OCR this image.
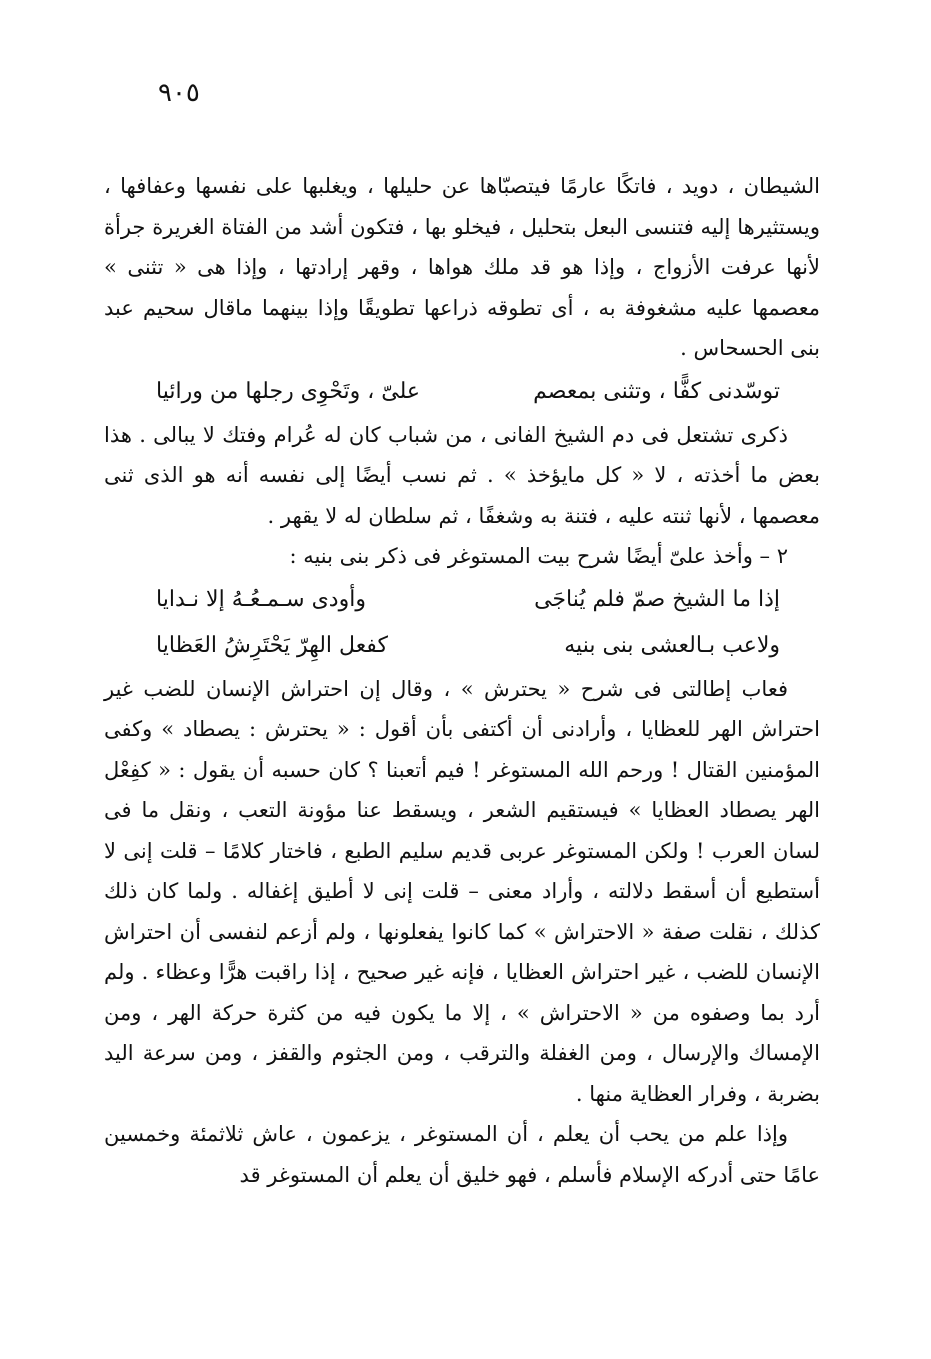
٩٠٥

الشيطان ، دويد ، فاتكًا عارمًا فيتصبّاها عن حليلها ، ويغلبها على نفسها وعفافها ، ويستثيرها إليه فتنسى البعل بتحليل ، فيخلو بها ، فتكون أشد من الفتاة الغريرة جرأة لأنها عرفت الأزواج ، وإذا هو قد ملك هواها ، وقهر إرادتها ، وإذا هى « تثنى » معصمها عليه مشغوفة به ، أى تطوقه ذراعها تطويقًا وإذا بينهما ماقال سحيم عبد بنى الحسحاس .

توسّدنى كفًّا ، وتثنى بمعصم
علىّ ، وتَحْوِى رجلها من ورائيا

ذكرى تشتعل فى دم الشيخ الفانى ، من شباب كان له عُرام وفتك لا يبالى . هذا بعض ما أخذته ، لا « كل مايؤخذ » . ثم نسب أيضًا إلى نفسه أنه هو الذى ثنى معصمها ، لأنها ثنته عليه ، فتنة به وشغفًا ، ثم سلطان له لا يقهر .

٢ – وأخذ علىّ أيضًا شرح بيت المستوغر فى ذكر بنى بنيه :

إذا ما الشيخ صمّ فلم يُناجَى
وأودى سـمـعُـهُ إلا نـدايا
ولاعب بـالعشى بنى بنيه
كفعل الهِرّ يَحْتَرِشُ العَظايا

فعاب إطالتى فى شرح « يحترش » ، وقال إن احتراش الإنسان للضب غير احتراش الهر للعظايا ، وأرادنى أن أكتفى بأن أقول : « يحترش : يصطاد » وكفى المؤمنين القتال ! ورحم الله المستوغر ! فيم أتعبنا ؟ كان حسبه أن يقول : « كفِعْل الهر يصطاد العظايا » فيستقيم الشعر ، ويسقط عنا مؤونة التعب ، ونقل ما فى لسان العرب ! ولكن المستوغر عربى قديم سليم الطبع ، فاختار كلامًا – قلت إنى لا أستطيع أن أسقط دلالته ، وأراد معنى – قلت إنى لا أطيق إغفاله . ولما كان ذلك كذلك ، نقلت صفة « الاحتراش » كما كانوا يفعلونها ، ولم أزعم لنفسى أن احتراش الإنسان للضب ، غير احتراش العظايا ، فإنه غير صحيح ، إذا راقبت هرًّا وعظاء . ولم أرد بما وصفوه من « الاحتراش » ، إلا ما يكون فيه من كثرة حركة الهر ، ومن الإمساك والإرسال ، ومن الغفلة والترقب ، ومن الجثوم والقفز ، ومن سرعة اليد بضربة ، وفرار العظاية منها .

وإذا علم من يحب أن يعلم ، أن المستوغر ، يزعمون ، عاش ثلاثمئة وخمسين عامًا حتى أدركه الإسلام فأسلم ، فهو خليق أن يعلم أن المستوغر قد
